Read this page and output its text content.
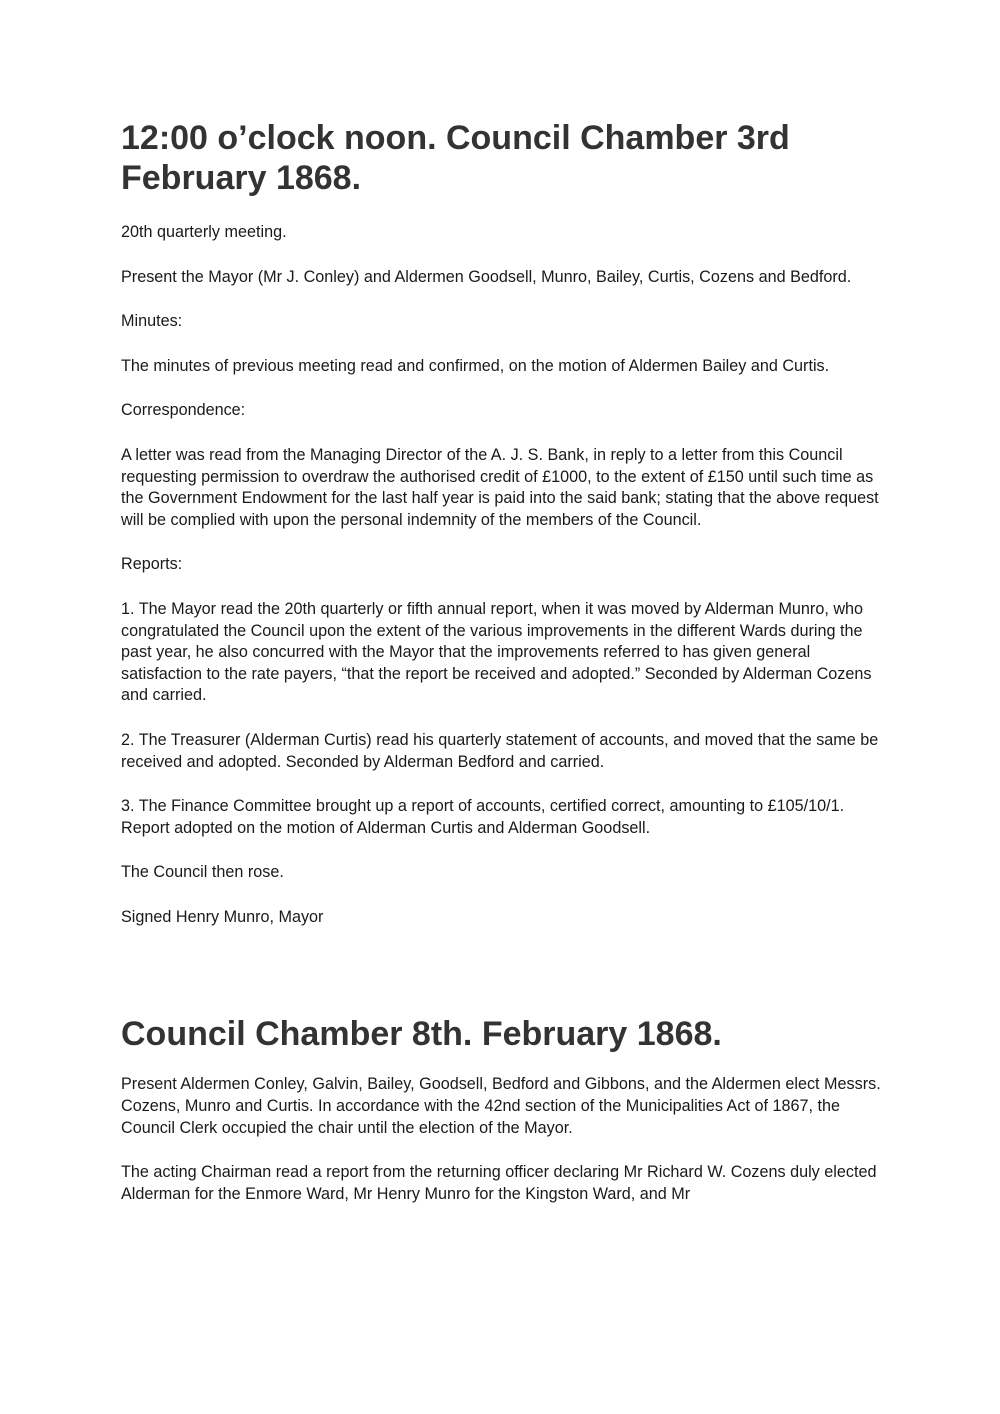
12:00 o’clock noon. Council Chamber 3rd February 1868.

20th quarterly meeting.

Present the Mayor (Mr J. Conley) and Aldermen Goodsell, Munro, Bailey, Curtis, Cozens and Bedford.

Minutes:

The minutes of previous meeting read and confirmed, on the motion of Aldermen Bailey and Curtis.

Correspondence:

A letter was read from the Managing Director of the A. J. S. Bank, in reply to a letter from this Council requesting permission to overdraw the authorised credit of £1000, to the extent of £150 until such time as the Government Endowment for the last half year is paid into the said bank; stating that the above request will be complied with upon the personal indemnity of the members of the Council.

Reports:

1. The Mayor read the 20th quarterly or fifth annual report, when it was moved by Alderman Munro, who congratulated the Council upon the extent of the various improvements in the different Wards during the past year, he also concurred with the Mayor that the improvements referred to has given general satisfaction to the rate payers, “that the report be received and adopted.” Seconded by Alderman Cozens and carried.

2. The Treasurer (Alderman Curtis) read his quarterly statement of accounts, and moved that the same be received and adopted. Seconded by Alderman Bedford and carried.

3. The Finance Committee brought up a report of accounts, certified correct, amounting to £105/10/1. Report adopted on the motion of Alderman Curtis and Alderman Goodsell.

The Council then rose.

Signed Henry Munro, Mayor

Council Chamber 8th. February 1868.

Present Aldermen Conley, Galvin, Bailey, Goodsell, Bedford and Gibbons, and the Aldermen elect Messrs. Cozens, Munro and Curtis. In accordance with the 42nd section of the Municipalities Act of 1867, the Council Clerk occupied the chair until the election of the Mayor.

The acting Chairman read a report from the returning officer declaring Mr Richard W. Cozens duly elected Alderman for the Enmore Ward, Mr Henry Munro for the Kingston Ward, and Mr
